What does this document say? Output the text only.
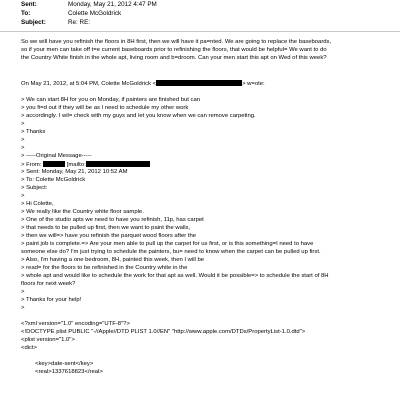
Sent:	Monday, May 21, 2012 4:47 PM
To:	Colette McGoldrick
Subject:	Re: RE:
So we will have you refinish the floors in 8H first, then we will have it pa=nted. We are going to replace the baseboards,
so if your men can take off t=e current baseboards prior to refinishing the floors, that would be helpful= We want to do
the Country White finish in the whole apt, living room and b=droom. Can your men start this apt on Wed of this week?
On May 21, 2012, at 5:04 PM, Colette McGoldrick <	> w=ote:
> We can start 8H for you on Monday, if painters are finished but can
> you fi=d out if they will be as I need to schedule my other work
> accordingly. I wil= check with my guys and let you know when we can remove carpeting.
>
> Thanks
>
>
> -----Original Message-----
> From:	[mailto:
> Sent: Monday, May 21, 2012 10:52 AM
> To: Colette McGoldrick
> Subject:
>
> Hi Colette,
> We really like the Country white floor sample.
> One of the studio apts we need to have you refinish, 11p, has carpet
> that needs to be pulled up first, then we want to paint the walls,
> then we will=> have you refinish the parquet wood floors after the
> paint job is complete.=> Are your men able to pull up the carpet for us first, or is this something=I need to have
someone else do? I'm just trying to schedule the painters, bu= need to know when the carpet can be pulled up first.
> Also, I'm having a one bedroom, 8H, painted this week, then I will be
> read= for the floors to be refinished in the Country white in the
> whole apt and would like to schedule the work for that apt as well. Would it be possible=> to schedule the start of 8H
floors for next week?
>
> Thanks for your help!
>
<?xml version="1.0" encoding="UTF-8"?>
<!DOCTYPE plist PUBLIC "-//Apple//DTD PLIST 1.0//EN" "http://www.apple.com/DTDs/PropertyList-1.0.dtd">
<plist version="1.0">
<dict>
<key>date-sent</key>
<real>1337618823</real>
